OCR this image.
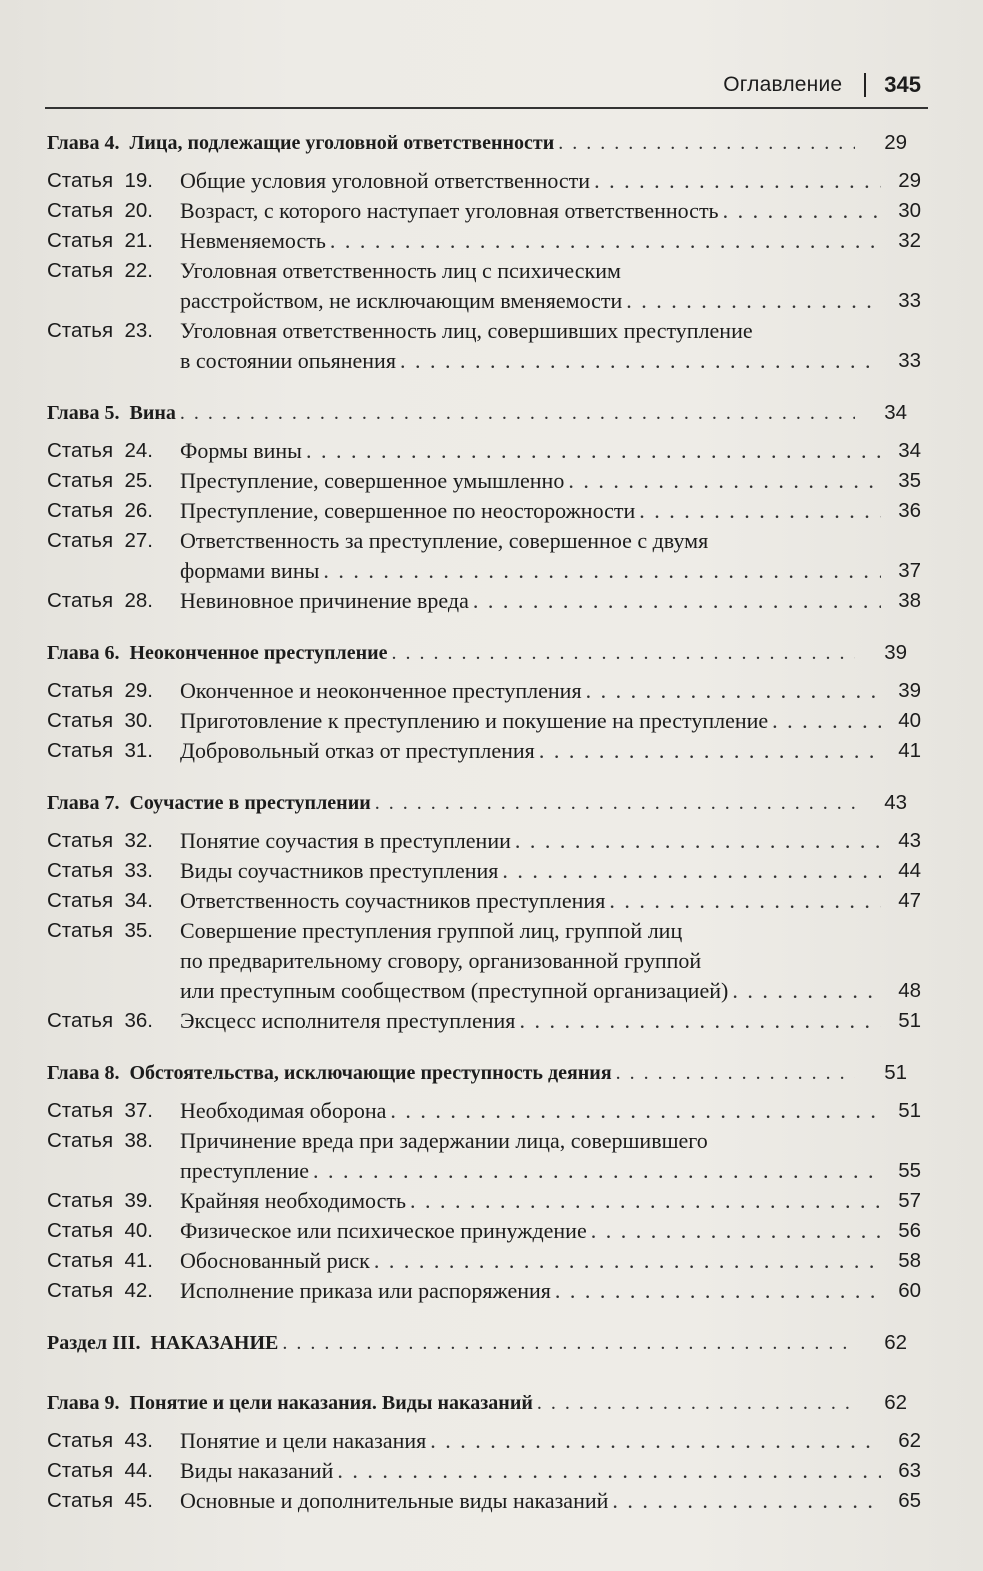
Оглавление 345
Глава 4.  Лица, подлежащие уголовной ответственности . . .	29
Статья  19.	Общие условия уголовной ответственности . . .	29
Статья  20.	Возраст, с которого наступает уголовная ответственность . . .	30
Статья  21.	Невменяемость . . .	32
Статья  22.	Уголовная ответственность лиц с психическим
расстройством, не исключающим вменяемости . . .	33
Статья  23.	Уголовная ответственность лиц, совершивших преступление
в состоянии опьянения . . .	33
Глава 5.  Вина . . .	34
Статья  24.	Формы вины . . .	34
Статья  25.	Преступление, совершенное умышленно . . .	35
Статья  26.	Преступление, совершенное по неосторожности . . .	36
Статья  27.	Ответственность за преступление, совершенное с двумя
формами вины . . .	37
Статья  28.	Невиновное причинение вреда . . .	38
Глава 6.  Неоконченное преступление . . .	39
Статья  29.	Оконченное и неоконченное преступления . . .	39
Статья  30.	Приготовление к преступлению и покушение на преступление . . .	40
Статья  31.	Добровольный отказ от преступления . . .	41
Глава 7.  Соучастие в преступлении . . .	43
Статья  32.	Понятие соучастия в преступлении . . .	43
Статья  33.	Виды соучастников преступления . . .	44
Статья  34.	Ответственность соучастников преступления . . .	47
Статья  35.	Совершение преступления группой лиц, группой лиц
по предварительному сговору, организованной группой
или преступным сообществом (преступной организацией) . . .	48
Статья  36.	Эксцесс исполнителя преступления . . .	51
Глава 8.  Обстоятельства, исключающие преступность деяния . . .	51
Статья  37.	Необходимая оборона . . .	51
Статья  38.	Причинение вреда при задержании лица, совершившего
преступление . . .	55
Статья  39.	Крайняя необходимость . . .	57
Статья  40.	Физическое или психическое принуждение . . .	56
Статья  41.	Обоснованный риск . . .	58
Статья  42.	Исполнение приказа или распоряжения . . .	60
Раздел III.  НАКАЗАНИЕ . . .	62
Глава 9.  Понятие и цели наказания. Виды наказаний . . .	62
Статья  43.	Понятие и цели наказания . . .	62
Статья  44.	Виды наказаний . . .	63
Статья  45.	Основные и дополнительные виды наказаний . . .	65
